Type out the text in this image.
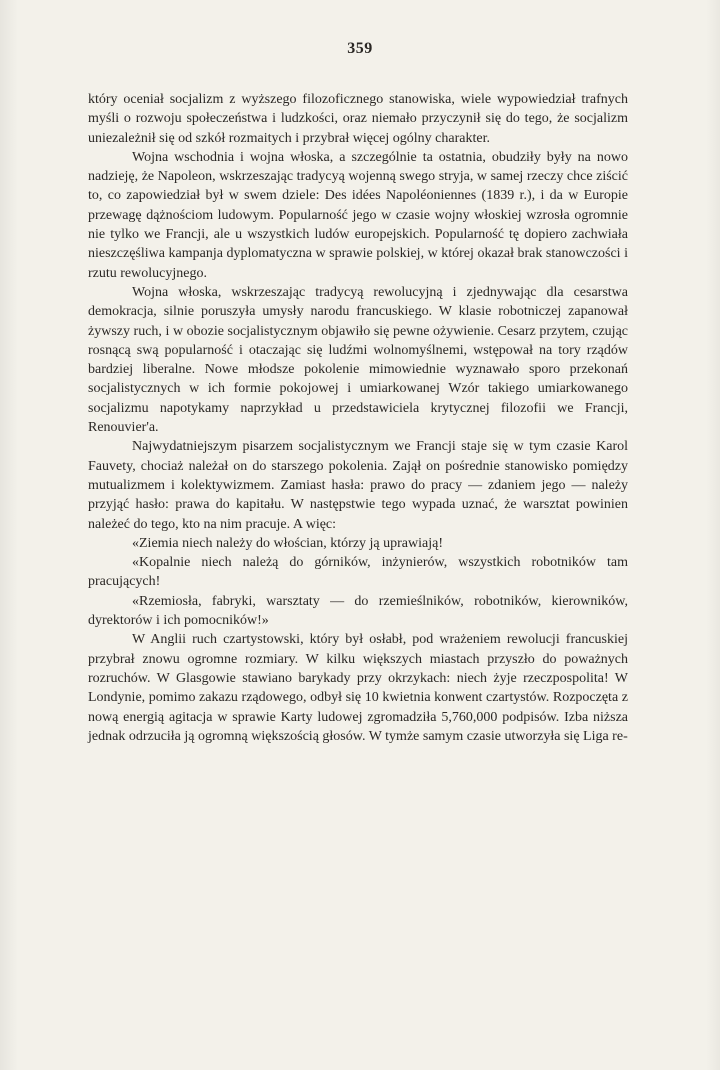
359

który oceniał socjalizm z wyższego filozoficznego stanowiska, wiele wypowiedział trafnych myśli o rozwoju społeczeństwa i ludzkości, oraz niemało przyczynił się do tego, że socjalizm uniezależnił się od szkół rozmaitych i przybrał więcej ogólny charakter.

Wojna wschodnia i wojna włoska, a szczególnie ta ostatnia, obudziły były na nowo nadzieję, że Napoleon, wskrzeszając tradycyą wojenną swego stryja, w samej rzeczy chce ziścić to, co zapowiedział był w swem dziele: Des idées Napoléoniennes (1839 r.), i da w Europie przewagę dążnościom ludowym. Popularność jego w czasie wojny włoskiej wzrosła ogromnie nie tylko we Francji, ale u wszystkich ludów europejskich. Popularność tę dopiero zachwiała nieszczęśliwa kampanja dyplomatyczna w sprawie polskiej, w której okazał brak stanowczości i rzutu rewolucyjnego.

Wojna włoska, wskrzeszając tradycyą rewolucyjną i zjednywając dla cesarstwa demokracja, silnie poruszyła umysły narodu francuskiego. W klasie robotniczej zapanował żywszy ruch, i w obozie socjalistycznym objawiło się pewne ożywienie. Cesarz przytem, czując rosnącą swą popularność i otaczając się ludźmi wolnomyślnemi, wstępował na tory rządów bardziej liberalne. Nowe młodsze pokolenie mimowiednie wyznawało sporo przekonań socjalistycznych w ich formie pokojowej i umiarkowanej Wzór takiego umiarkowanego socjalizmu napotykamy naprzykład u przedstawiciela krytycznej filozofii we Francji, Renouvier'a.

Najwydatniejszym pisarzem socjalistycznym we Francji staje się w tym czasie Karol Fauvety, chociaż należał on do starszego pokolenia. Zajął on pośrednie stanowisko pomiędzy mutualizmem i kolektywizmem. Zamiast hasła: prawo do pracy — zdaniem jego — należy przyjąć hasło: prawa do kapitału. W następstwie tego wypada uznać, że warsztat powinien należeć do tego, kto na nim pracuje. A więc:

«Ziemia niech należy do włościan, którzy ją uprawiają!

«Kopalnie niech należą do górników, inżynierów, wszystkich robotników tam pracujących!

«Rzemiosła, fabryki, warsztaty — do rzemieślników, robotników, kierowników, dyrektorów i ich pomocników!»

W Anglii ruch czartystowski, który był osłabł, pod wrażeniem rewolucji francuskiej przybrał znowu ogromne rozmiary. W kilku większych miastach przyszło do poważnych rozruchów. W Glasgowie stawiano barykady przy okrzykach: niech żyje rzeczpospolita! W Londynie, pomimo zakazu rządowego, odbył się 10 kwietnia konwent czartystów. Rozpoczęta z nową energią agitacja w sprawie Karty ludowej zgromadziła 5,760,000 podpisów. Izba niższa jednak odrzuciła ją ogromną większością głosów. W tymże samym czasie utworzyła się Liga re-
